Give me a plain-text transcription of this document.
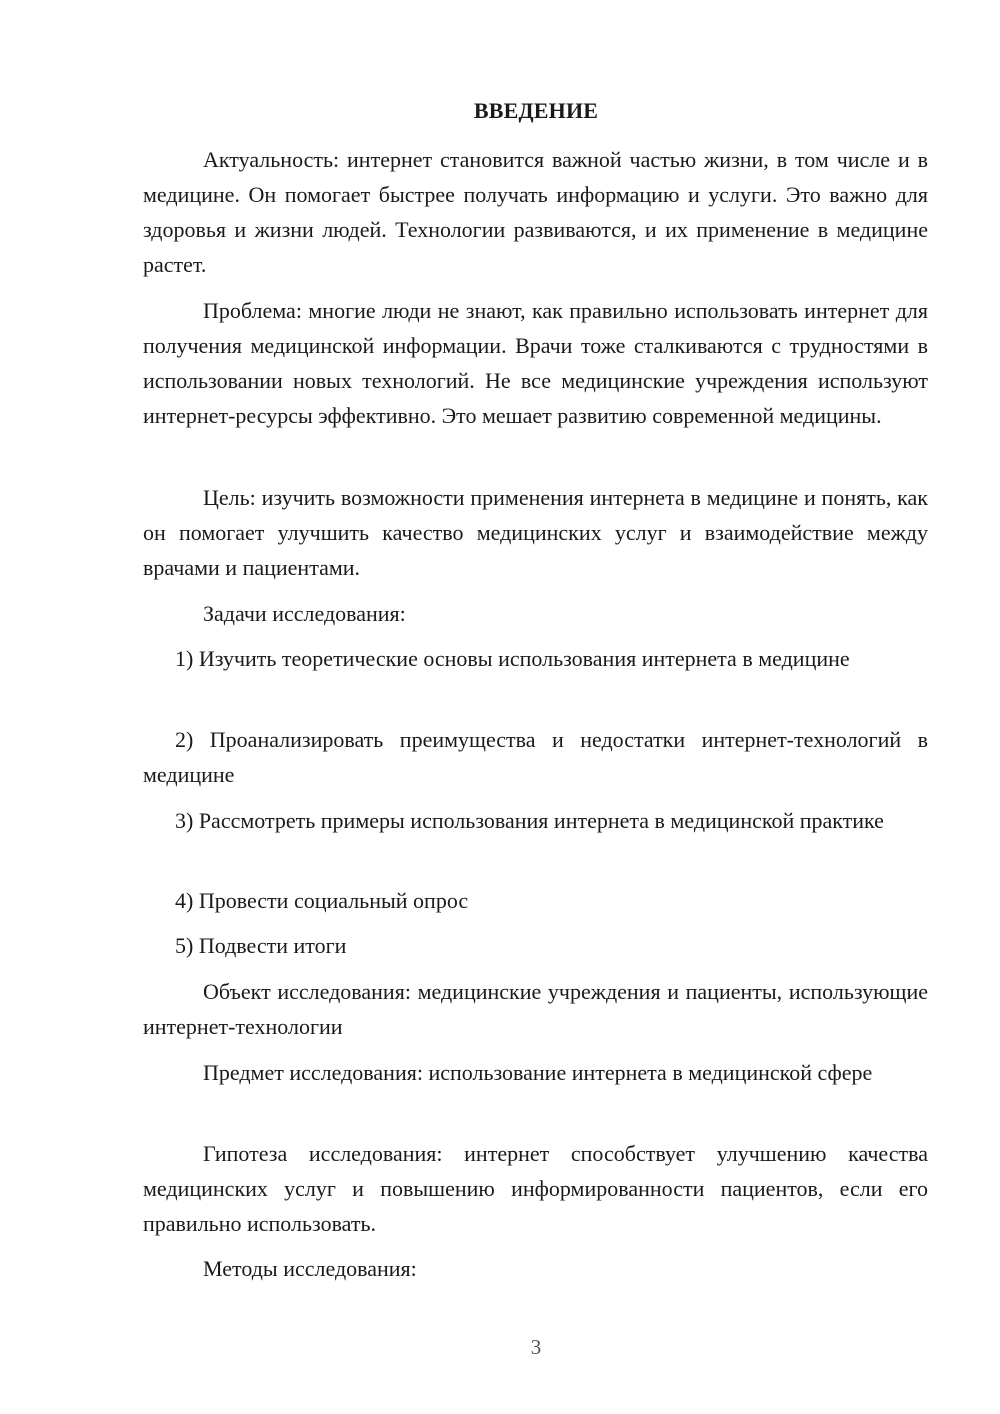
ВВЕДЕНИЕ

Актуальность: интернет становится важной частью жизни, в том числе и в медицине. Он помогает быстрее получать информацию и услуги. Это важно для здоровья и жизни людей. Технологии развиваются, и их применение в медицине растет.

Проблема: многие люди не знают, как правильно использовать интернет для получения медицинской информации. Врачи тоже сталкиваются с трудностями в использовании новых технологий. Не все медицинские учреждения используют интернет-ресурсы эффективно. Это мешает развитию современной медицины.

Цель: изучить возможности применения интернета в медицине и понять, как он помогает улучшить качество медицинских услуг и взаимодействие между врачами и пациентами.

Задачи исследования:

1) Изучить теоретические основы использования интернета в медицине

2) Проанализировать преимущества и недостатки интернет-технологий в медицине

3) Рассмотреть примеры использования интернета в медицинской практике

4) Провести социальный опрос

5) Подвести итоги

Объект исследования: медицинские учреждения и пациенты, использующие интернет-технологии

Предмет исследования: использование интернета в медицинской сфере

Гипотеза исследования: интернет способствует улучшению качества медицинских услуг и повышению информированности пациентов, если его правильно использовать.

Методы исследования:

3
